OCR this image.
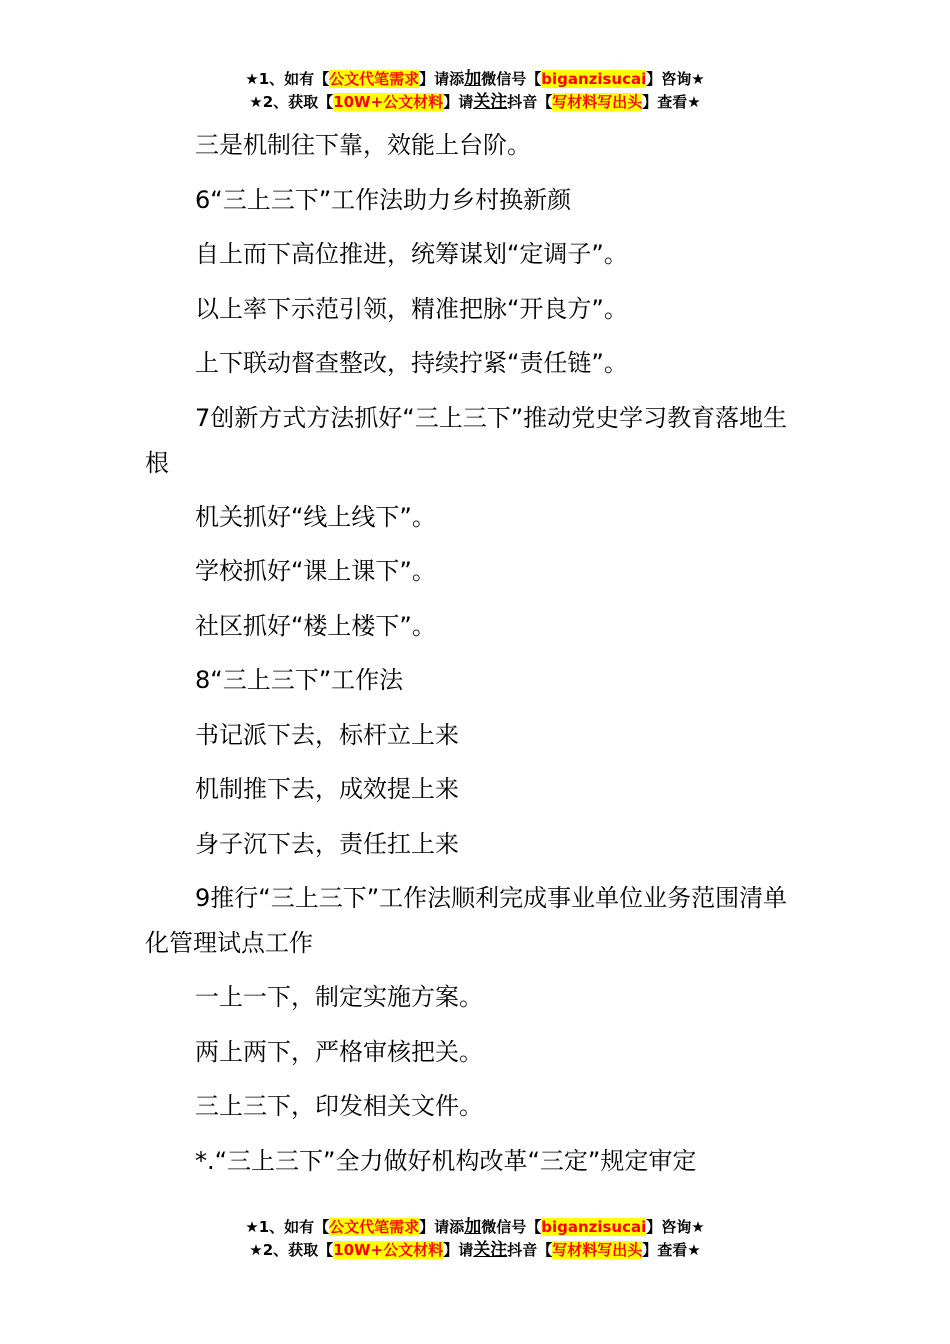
★1、如有【公文代笔需求】请添加微信号【biganzisucai】咨询★
★2、获取【10W+公文材料】请关注抖音【写材料写出头】查看★

三是机制往下靠，效能上台阶。

6“三上三下”工作法助力乡村换新颜

自上而下高位推进，统筹谋划“定调子”。

以上率下示范引领，精准把脉“开良方”。

上下联动督查整改，持续拧紧“责任链”。

7创新方式方法抓好“三上三下”推动党史学习教育落地生根

机关抓好“线上线下”。

学校抓好“课上课下”。

社区抓好“楼上楼下”。

8“三上三下”工作法

书记派下去，标杆立上来

机制推下去，成效提上来

身子沉下去，责任扛上来

9推行“三上三下”工作法顺利完成事业单位业务范围清单化管理试点工作

一上一下，制定实施方案。

两上两下，严格审核把关。

三上三下，印发相关文件。

*.“三上三下”全力做好机构改革“三定”规定审定

★1、如有【公文代笔需求】请添加微信号【biganzisucai】咨询★
★2、获取【10W+公文材料】请关注抖音【写材料写出头】查看★
